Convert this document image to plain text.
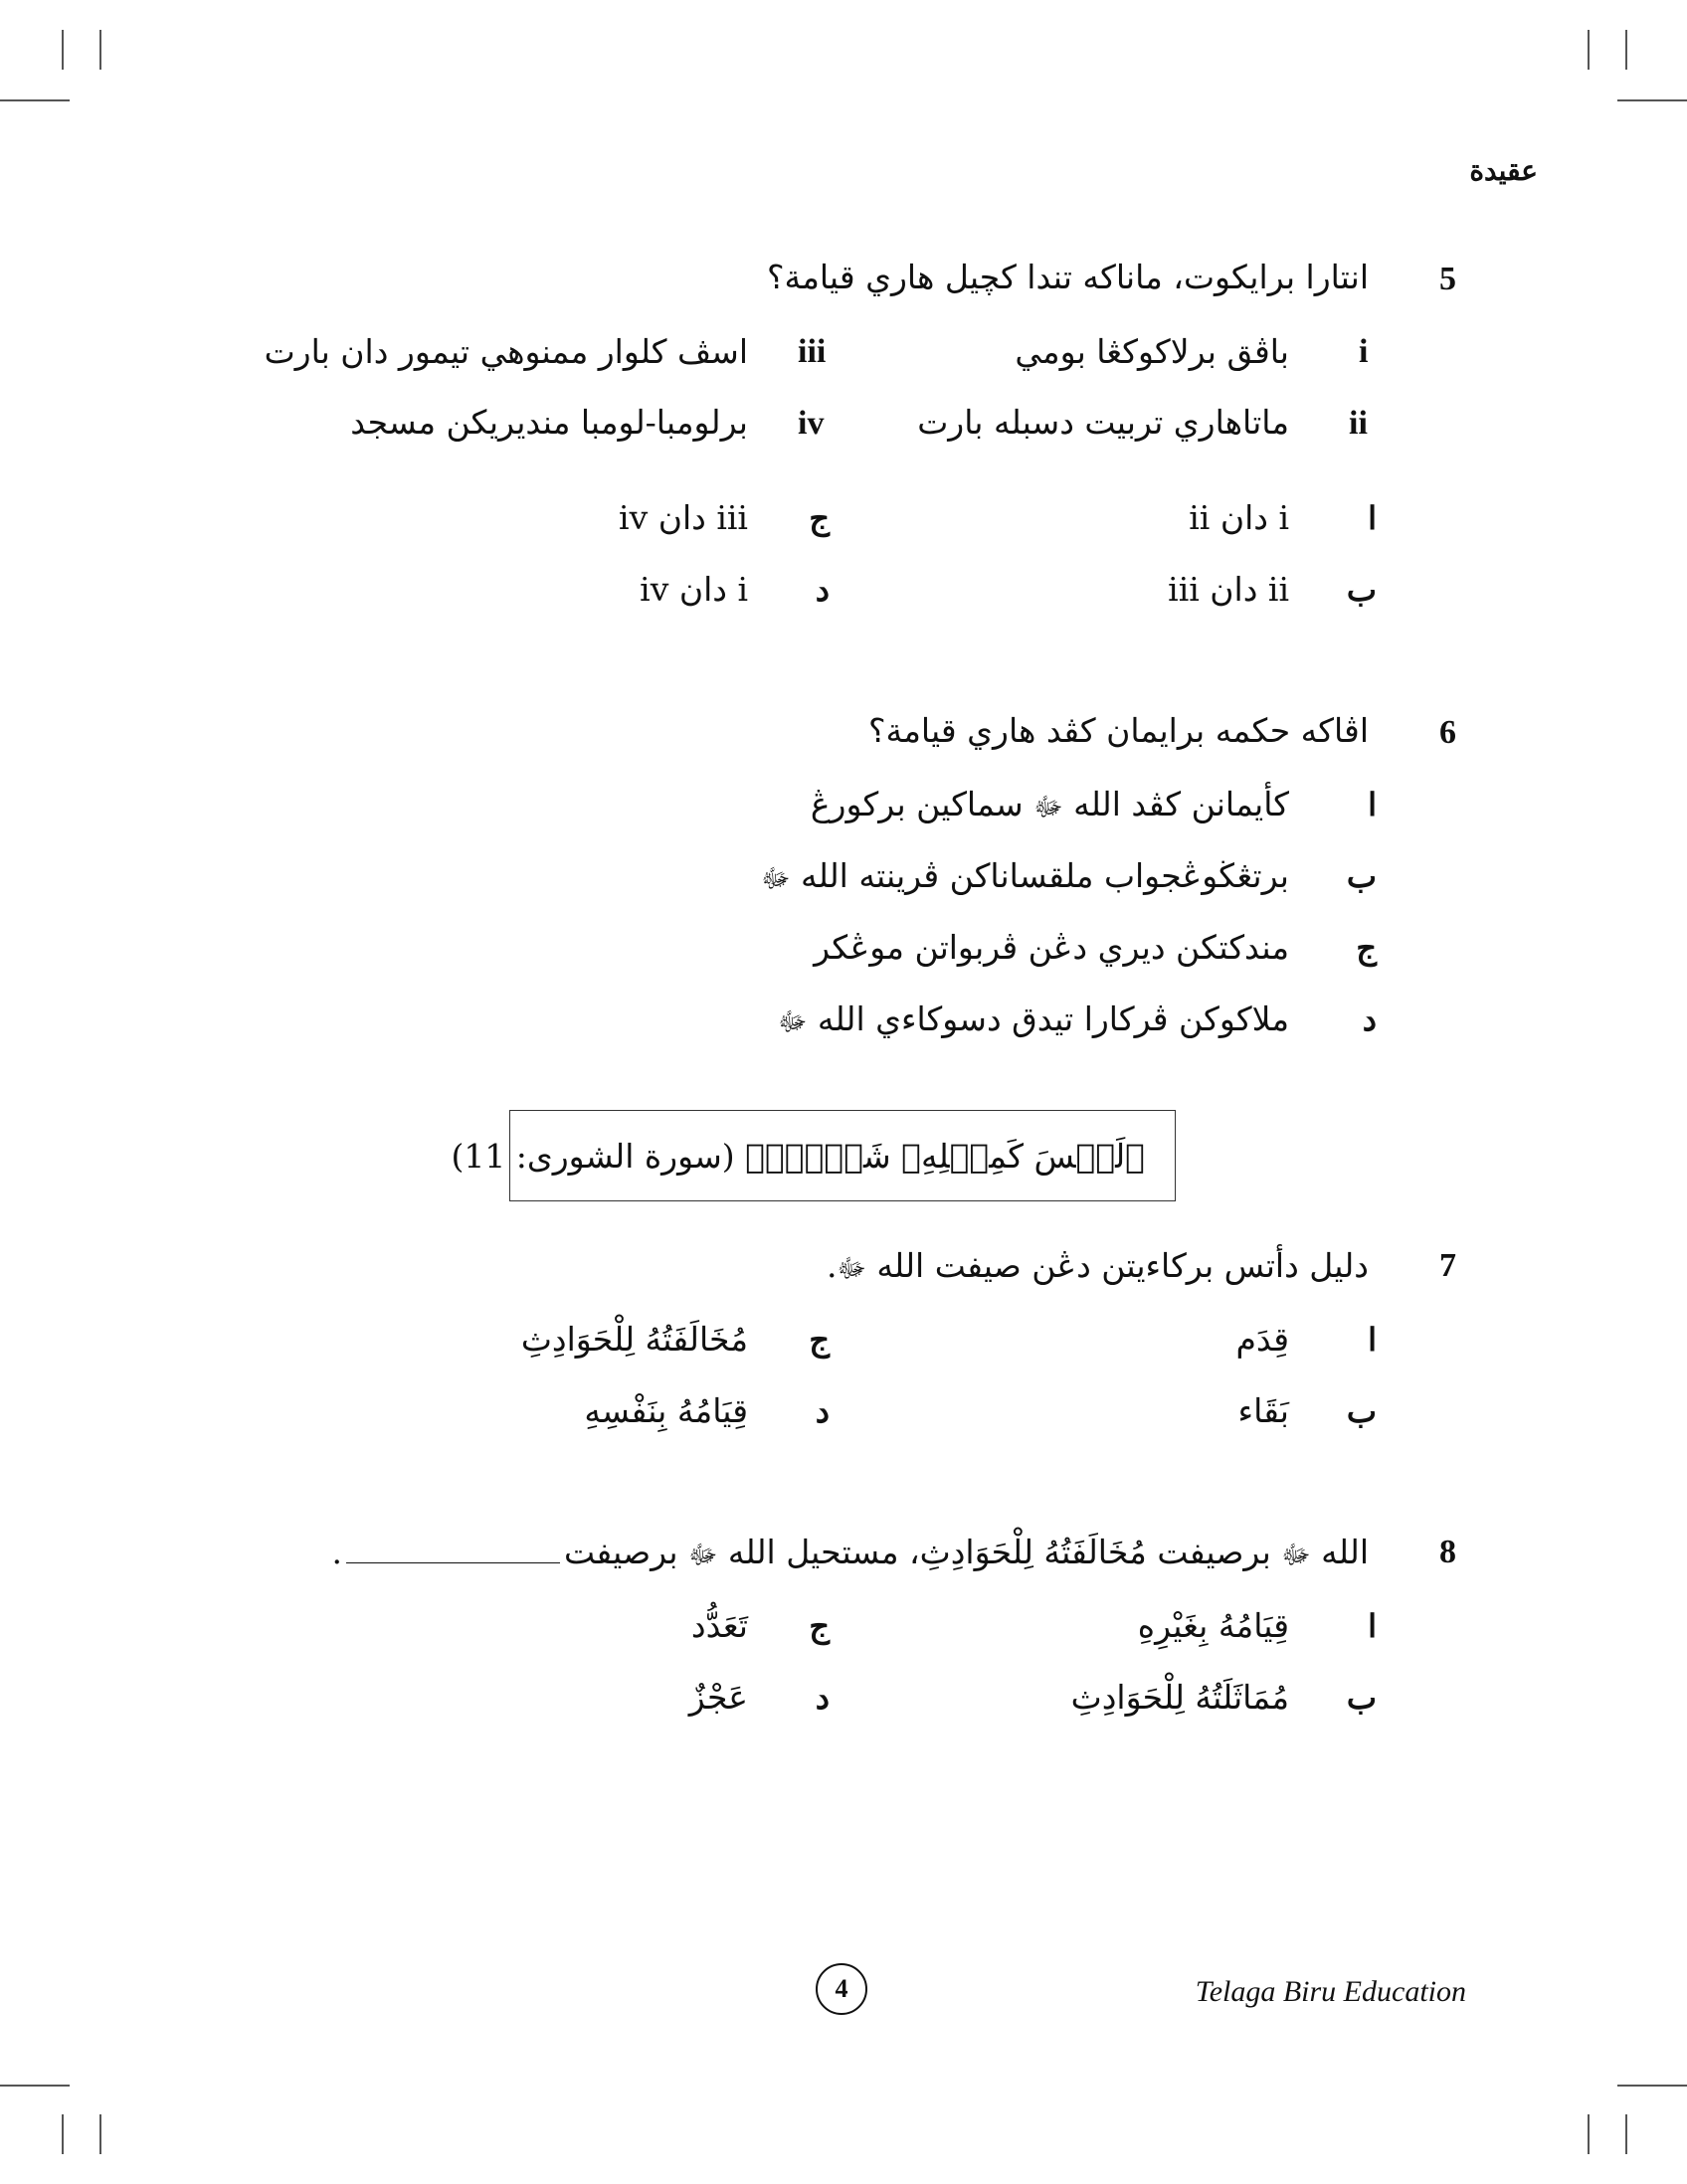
عقيدة
5
انتارا برايكوت، ماناكه تندا كچيل هاري قيامة؟
i
باڤق برلاكوكڠا بومي
ii
ماتاهاري تربيت دسبله بارت
iii
اسڤ كلوار ممنوهي تيمور دان بارت
iv
برلومبا-لومبا منديريكن مسجد
ا
i دان ii
ب
ii دان iii
ج
iii دان iv
د
i دان iv
6
اڤاكه حكمه برايمان كڤد هاري قيامة؟
ا
كأيمانن كڤد الله ﷻ سماكين بركورڠ
ب
برتڠڬوڠجواب ملقساناكن ڤرينته الله ﷻ
ج
مندكتكن ديري دڠن ڤربواتن موڠكر
د
ملاكوكن ڤركارا تيدق دسوكاءي الله ﷻ
﴿لَيۡسَ كَمِثۡلِهِۦ شَيۡءٞۖ﴾ (سورة الشورى: 11)
7
دليل دأتس بركاءيتن دڠن صيفت الله ﷻ.
ا
قِدَم
ب
بَقَاء
ج
مُخَالَفَتُهُ لِلْحَوَادِثِ
د
قِيَامُهُ بِنَفْسِهِ
8
الله ﷻ برصيفت مُخَالَفَتُهُ لِلْحَوَادِثِ، مستحيل الله ﷻ برصيفت.
ا
قِيَامُهُ بِغَيْرِهِ
ب
مُمَاثَلَتُهُ لِلْحَوَادِثِ
ج
تَعَدُّد
د
عَجْزٌ
4	Telaga Biru Education
